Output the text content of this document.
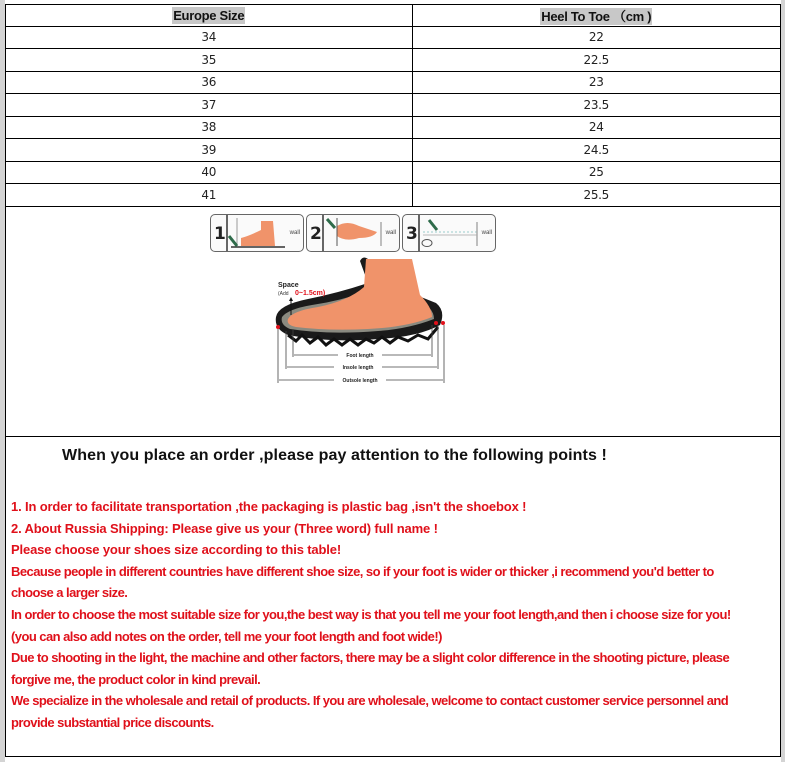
Europe Size	Heel To Toe （cm )
34	22
35	22.5
36	23
37	23.5
38	24
39	24.5
40	25
41	25.5
1	wall 2	wall 3	wall
Space
(Add 0~1.5cm)
Foot length
Insole length
Outsole length
When you place an order ,please pay attention to the following points !
1. In order to facilitate transportation ,the packaging is plastic bag ,isn't the shoebox !
2. About Russia Shipping: Please give us your (Three word) full name !
Please choose your shoes size according to this table!
Because people in different countries have different shoe size, so if your foot is wider or thicker ,i recommend you'd better to
choose a larger size.
In order to choose the most suitable size for you,the best way is that you tell me your foot length,and then i choose size for you!
(you can also add notes on the order, tell me your foot length and foot wide!)
Due to shooting in the light, the machine and other factors, there may be a slight color difference in the shooting picture, please
forgive me, the product color in kind prevail.
We specialize in the wholesale and retail of products. If you are wholesale, welcome to contact customer service personnel and
provide substantial price discounts.
